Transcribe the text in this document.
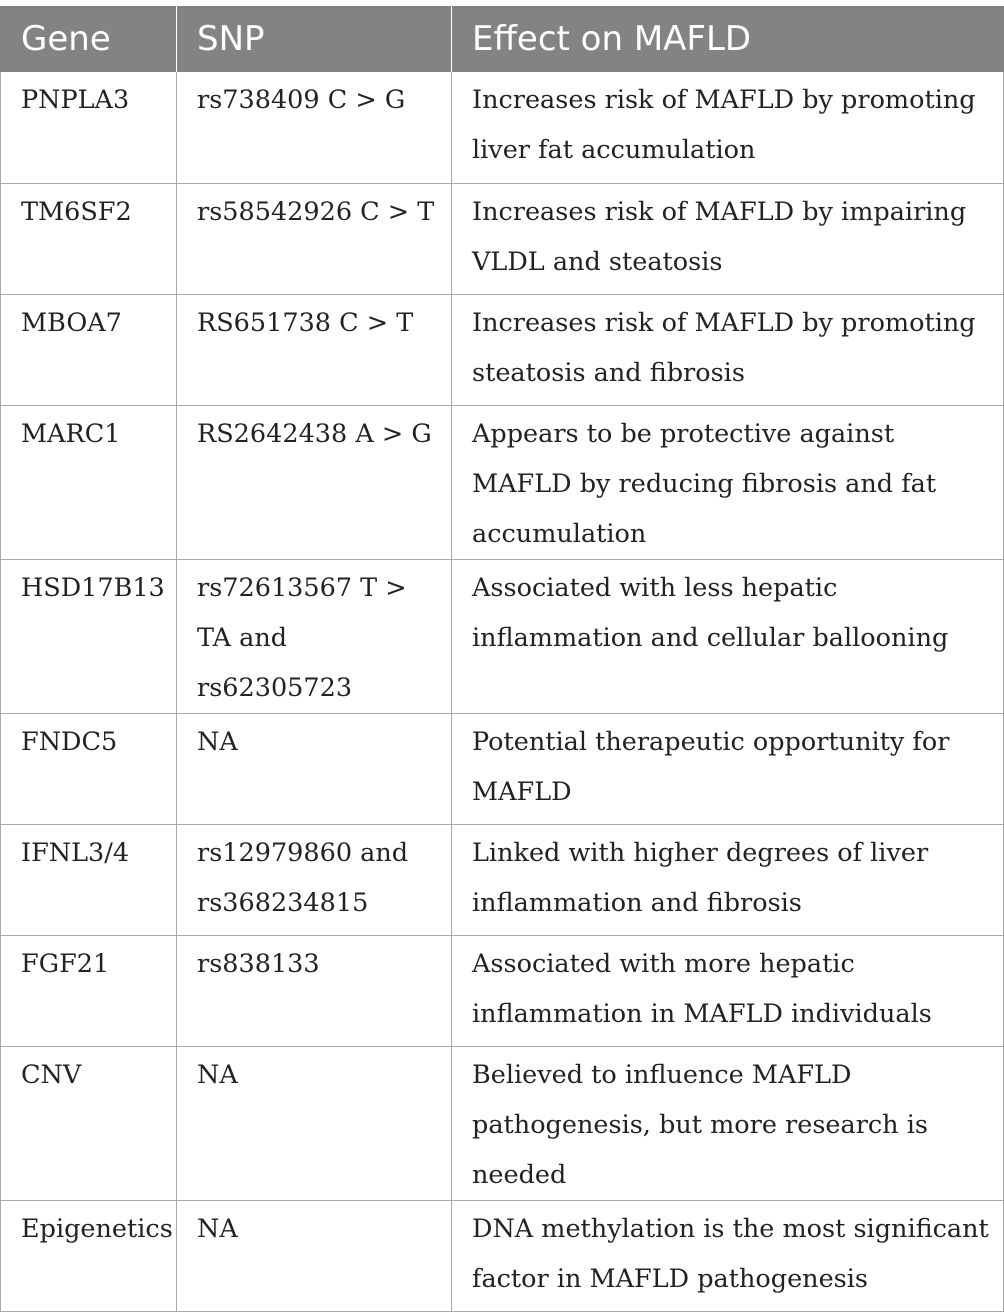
Gene	SNP	Effect on MAFLD

PNPLA3	rs738409 C > G	Increases risk of MAFLD by promoting liver fat accumulation

TM6SF2	rs58542926 C > T	Increases risk of MAFLD by impairing VLDL and steatosis

MBOA7	RS651738 C > T	Increases risk of MAFLD by promoting steatosis and fibrosis

MARC1	RS2642438 A > G	Appears to be protective against MAFLD by reducing fibrosis and fat accumulation

HSD17B13	rs72613567 T > TA and rs62305723	Associated with less hepatic inflammation and cellular ballooning

FNDC5	NA	Potential therapeutic opportunity for MAFLD

IFNL3/4	rs12979860 and rs368234815	Linked with higher degrees of liver inflammation and fibrosis

FGF21	rs838133	Associated with more hepatic inflammation in MAFLD individuals

CNV	NA	Believed to influence MAFLD pathogenesis, but more research is needed

Epigenetics	NA	DNA methylation is the most significant factor in MAFLD pathogenesis
